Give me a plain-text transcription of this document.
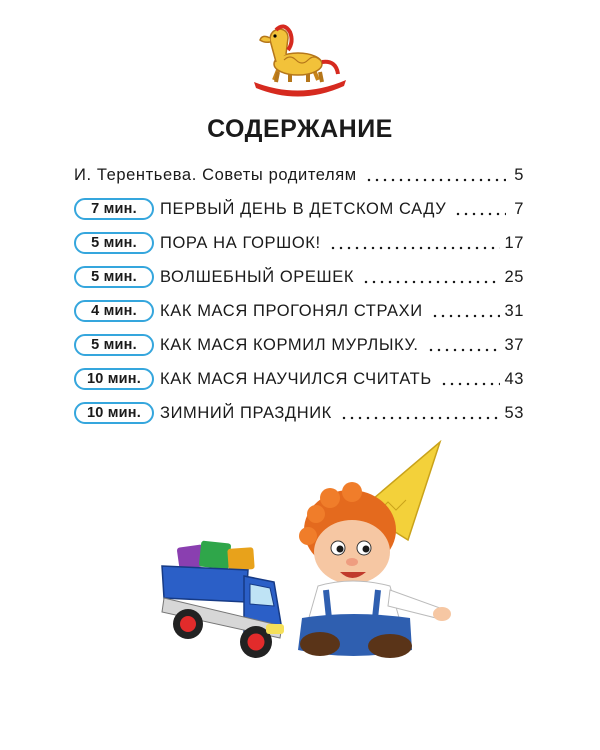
СОДЕРЖАНИЕ
И. Терентьева. Советы родителям	5
7 мин.	ПЕРВЫЙ ДЕНЬ В ДЕТСКОМ САДУ	7
5 мин.	ПОРА НА ГОРШОК!	17
5 мин.	ВОЛШЕБНЫЙ ОРЕШЕК	25
4 мин.	КАК МАСЯ ПРОГОНЯЛ СТРАХИ	31
5 мин.	КАК МАСЯ КОРМИЛ МУРЛЫКУ.	37
10 мин.	КАК МАСЯ НАУЧИЛСЯ СЧИТАТЬ	43
10 мин.	ЗИМНИЙ ПРАЗДНИК	53
